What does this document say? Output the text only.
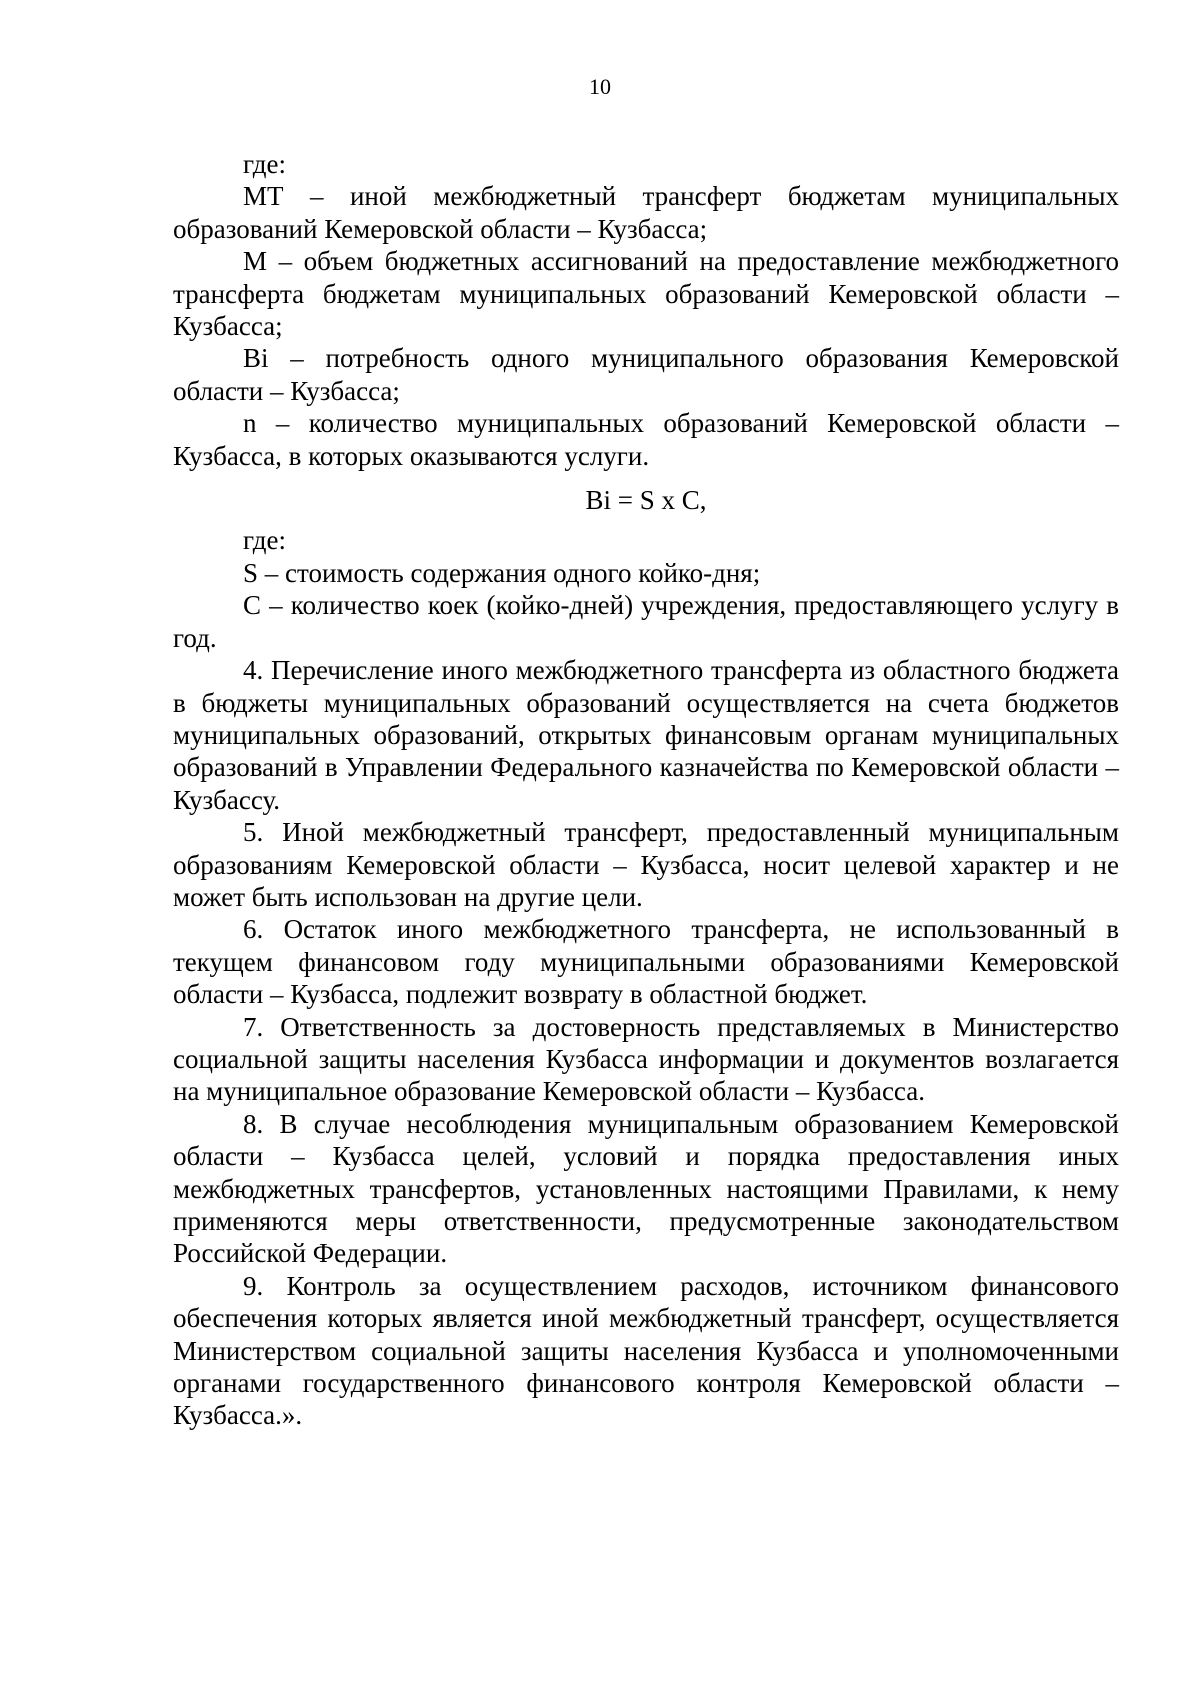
10

где:

МТ – иной межбюджетный трансферт бюджетам муниципальных образований Кемеровской области – Кузбасса;

М – объем бюджетных ассигнований на предоставление межбюджетного трансферта бюджетам муниципальных образований Кемеровской области – Кузбасса;

Bi – потребность одного муниципального образования Кемеровской области – Кузбасса;

n – количество муниципальных образований Кемеровской области – Кузбасса, в которых оказываются услуги.

Bi = S x C,

где:

S – стоимость содержания одного койко-дня;

C – количество коек (койко-дней) учреждения, предоставляющего услугу в год.

4. Перечисление иного межбюджетного трансферта из областного бюджета в бюджеты муниципальных образований осуществляется на счета бюджетов муниципальных образований, открытых финансовым органам муниципальных образований в Управлении Федерального казначейства по Кемеровской области – Кузбассу.

5. Иной межбюджетный трансферт, предоставленный муниципальным образованиям Кемеровской области – Кузбасса, носит целевой характер и не может быть использован на другие цели.

6. Остаток иного межбюджетного трансферта, не использованный в текущем финансовом году муниципальными образованиями Кемеровской области – Кузбасса, подлежит возврату в областной бюджет.

7. Ответственность за достоверность представляемых в Министерство социальной защиты населения Кузбасса информации и документов возлагается на муниципальное образование Кемеровской области – Кузбасса.

8. В случае несоблюдения муниципальным образованием Кемеровской области – Кузбасса целей, условий и порядка предоставления иных межбюджетных трансфертов, установленных настоящими Правилами, к нему применяются меры ответственности, предусмотренные законодательством Российской Федерации.

9. Контроль за осуществлением расходов, источником финансового обеспечения которых является иной межбюджетный трансферт, осуществляется Министерством социальной защиты населения Кузбасса и уполномоченными органами государственного финансового контроля Кемеровской области – Кузбасса.».
